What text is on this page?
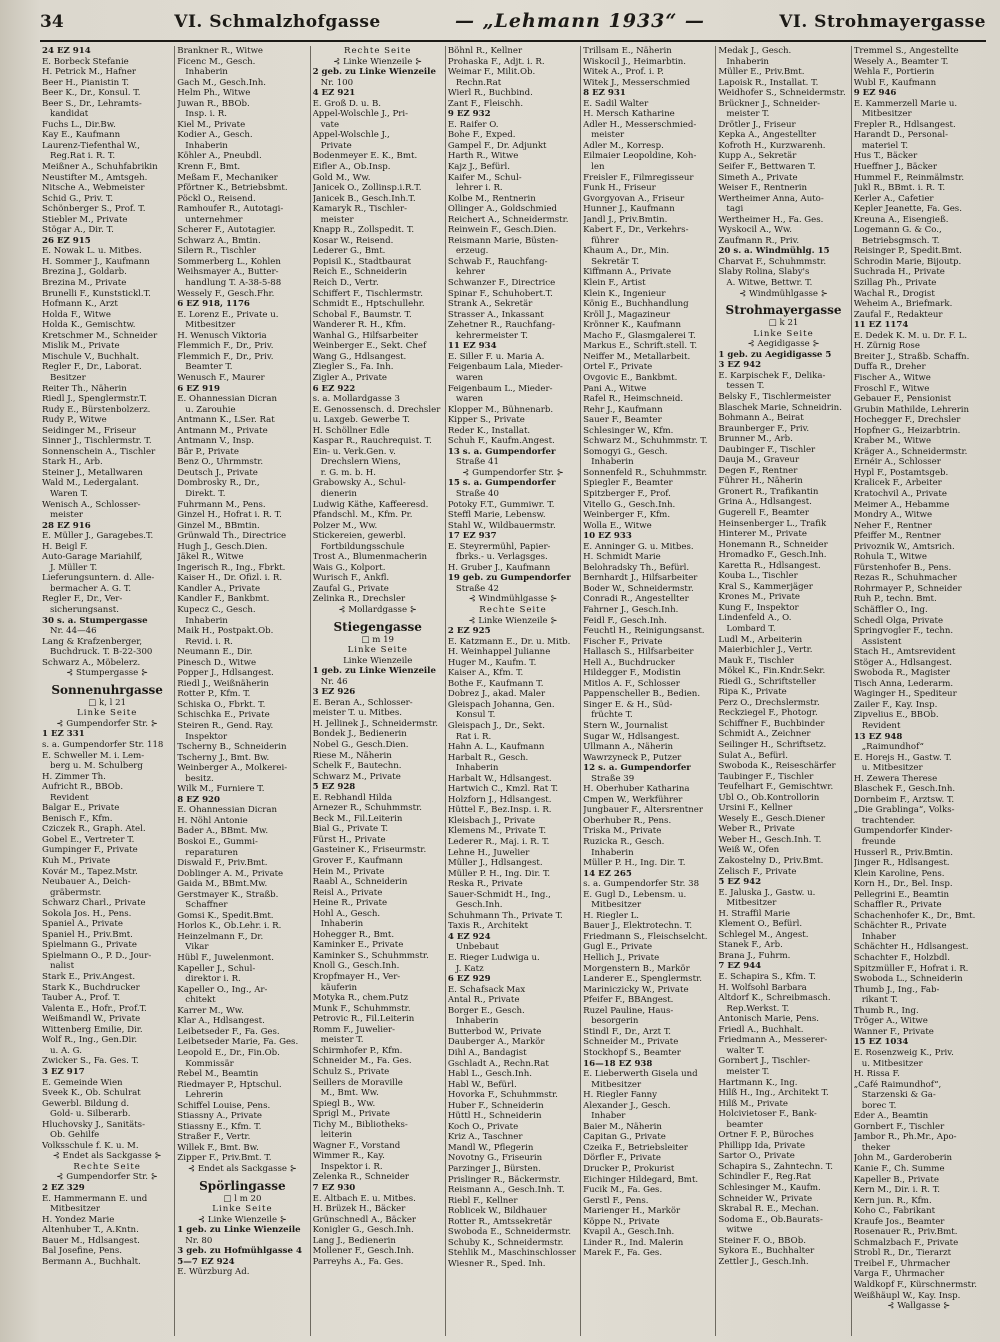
34	VI. Schmalzhofgasse	— „Lehmann 1933“ —	VI. Strohmayergasse
24 EZ 914
E. Borbeck Stefanie
H. Petrick M., Hafner
Beer H., Pianistin T.
Beer K., Dr., Konsul. T.
Beer S., Dr., Lehramts-
kandidat
Fuchs L., Dir.Bw.
Kay E., Kaufmann
Laurenz-Tiefenthal W.,
Reg.Rat i. R. T.
Meißner A., Schuhfabrikin
Neustifter M., Amtsgeh.
Nitsche A., Webmeister
Schid G., Priv. T.
Schönberger S., Prof. T.
Stiebler M., Private
Stögar A., Dir. T.
26 EZ 915
E. Nowak L. u. Mitbes.
H. Sommer J., Kaufmann
Brezina J., Goldarb.
Brezina M., Private
Brunelli F., Kunststickl.T.
Hofmann K., Arzt
Holda F., Witwe
Holda K., Gemischtw.
Kretschmer M., Schneider
Mislik M., Private
Mischule V., Buchhalt.
Regler F., Dr., Laborat.
Besitzer
Reiter Th., Näherin
Riedl J., Spenglermstr.T.
Rudy E., Bürstenbolzerz.
Rudy P., Witwe
Seidinger M., Friseur
Sinner J., Tischlermstr. T.
Sonnenschein A., Tischler
Stark H., Arb.
Steiner J., Metallwaren
Wald M., Ledergalant.
Waren T.
Wenisch A., Schlosser-
meister
28 EZ 916
E. Müller J., Garagebes.T.
H. Beigl F.
Auto-Garage Mariahilf,
J. Müller T.
Lieferungsuntern. d. Alle-
bermacher A. G. T.
Regler F., Dr., Ver-
sicherungsanst.
30 s. a. Stumpergasse
Nr. 44—46
Lang & Krafzenberger,
Buchdruck. T. B-22-300
Schwarz A., Möbelerz.
⊰ Stumpergasse ⊱
Sonnenuhrgasse
□ k, l 21
Linke Seite
⊰ Gumpendorfer Str. ⊱
1 EZ 331
s. a. Gumpendorfer Str. 118
E. Schweller M. i. Lem-
berg u. M. Schulberg
H. Zimmer Th.
Aufricht R., BBOb.
Revident
Balgar E., Private
Benisch F., Kfm.
Cziczek R., Graph. Atel.
Gobel E., Vertreter T.
Gumpinger F., Private
Kuh M., Private
Kovár M., Tapez.Mstr.
Neubauer A., Deich-
gräbermstr.
Schwarz Charl., Private
Sokola Jos. H., Pens.
Spaniel A., Private
Spaniel H., Priv.Bmt.
Spielmann G., Private
Spielmann O., P. D., Jour-
nalist
Stark E., Priv.Angest.
Stark K., Buchdrucker
Tauber A., Prof. T.
Valenta E., Hofr., Prof.T.
Weißmandl W., Private
Wittenberg Emilie, Dir.
Wolf R., Ing., Gen.Dir.
u. A. G.
Zwicker S., Fa. Ges. T.
3 EZ 917
E. Gemeinde Wien
Sveek K., Ob. Schulrat
Gewerbl. Bildung d.
Gold- u. Silberarb.
Hluchovsky J., Sanitäts-
Ob. Gehilfe
Volksschule f. K. u. M.
⊰ Endet als Sackgasse ⊱
Rechte Seite
⊰ Gumpendorfer Str. ⊱
2 EZ 329
E. Hammermann E. und
Mitbesitzer
H. Yondez Marie
Altenhuber T., A.Kntn.
Bauer M., Hdlsangest.
Bal Josefine, Pens.
Bermann A., Buchhalt.
Brankner R., Witwe
Ficenc M., Gesch.
Inhaberin
Gach M., Gesch.Inh.
Helm Ph., Witwe
Juwan R., BBOb.
Insp. i. R.
Kiel M., Private
Kodier A., Gesch.
Inhaberin
Köhler A., Pneubdl.
Krenn F., Bmt.
Meßam F., Mechaniker
Pförtner K., Betriebsbmt.
Pöckl O., Reisend.
Ramhoufer R., Autotagi-
unternehmer
Scherer F., Autotagier.
Schwarz A., Bmtin.
Silern R., Tischler
Sommerberg L., Kohlen
Weihsmayer A., Butter-
handlung T. A-38-5-88
Wessely F., Gesch.Fhr.
6 EZ 918, 1176
E. Lorenz E., Private u.
Mitbesitzer
H. Wenusch Viktoria
Flemmich F., Dr., Priv.
Flemmich F., Dr., Priv.
Beamter T.
Wenusch F., Maurer
6 EZ 919
E. Ohannessian Dicran
u. Zarouhie
Antmann K., LSer. Rat
Antmann M., Private
Antmann V., Insp.
Bär P., Private
Benz O., Uhrmmstr.
Deutsch J., Private
Dombrosky R., Dr.,
Direkt. T.
Fuhrmann M., Pens.
Ginzel H., Hofrat i. R. T.
Ginzel M., BBmtin.
Grünwald Th., Directrice
Hugh J., Gesch.Dien.
Jäkel R., Witwe
Ingerisch R., Ing., Fbrkt.
Kaiser H., Dr. Ofizl. i. R.
Kandler A., Private
Kandler F., Bankbmt.
Kupecz C., Gesch.
Inhaberin
Maik H., Postpakt.Ob.
Revid. i. R.
Neumann E., Dir.
Pinesch D., Witwe
Popper J., Hdlsangest.
Riedl J., Weißnäherin
Rotter P., Kfm. T.
Schiska O., Fbrkt. T.
Schischka E., Private
Steiren R., Gend. Ray.
Inspektor
Tscherny B., Schneiderin
Tscherny J., Bmt. Bw.
Weinberger A., Molkerei-
besitz.
Wilk M., Furniere T.
8 EZ 920
E. Ohannessian Dicran
H. Nöhl Antonie
Bader A., BBmt. Mw.
Boskoi E., Gummi-
reparaturen
Diswald F., Priv.Bmt.
Doblinger A. M., Private
Gaida M., BBmt.Mw.
Gerstmayer K., Straßb.
Schaffner
Gomsi K., Spedit.Bmt.
Horlos K., Ob.Lehr. i. R.
Heinzelmann F., Dr.
Vikar
Hübl F., Juwelenmont.
Kapeller J., Schul-
direktor i. R.
Kapeller O., Ing., Ar-
chitekt
Karrer M., Ww.
Klar A., Hdlsangest.
Leibetseder F., Fa. Ges.
Leibetseder Marie, Fa. Ges.
Leopold E., Dr., Fin.Ob.
Kommissär
Rebel M., Beamtin
Riedmayer P., Hptschul.
Lehrerin
Schiffel Louise, Pens.
Stiassny A., Private
Stiassny E., Kfm. T.
Straßer F., Vertr.
Willek F., Bmt. Bw.
Zipper F., Priv.Bmt. T.
⊰ Endet als Sackgasse ⊱
Spörlingasse
□ l m 20
Linke Seite
⊰ Linke Wienzeile ⊱
1 geb. zu Linke Wienzeile
Nr. 80
3 geb. zu Hofmühlgasse 4
5—7 EZ 924
E. Würzburg Ad.
Rechte Seite
⊰ Linke Wienzeile ⊱
2 geb. zu Linke Wienzeile
Nr. 100
4 EZ 921
E. Groß D. u. B.
Appel-Wolschle J., Pri-
vate
Appel-Wolschle J.,
Private
Bodenmeyer E. K., Bmt.
Eifler A., Ob.Insp.
Gold M., Ww.
Janicek O., Zollinsp.i.R.T.
Janicek B., Gesch.Inh.T.
Kamaryk R., Tischler-
meister
Knapp R., Zollspedit. T.
Kosar W., Reisend.
Lederer G., Bmt.
Popisil K., Stadtbaurat
Reich E., Schneiderin
Reich D., Vertr.
Schiffert F., Tischlermstr.
Schmidt E., Hptschullehr.
Schobal F., Baumstr. T.
Wanderer R. H., Kfm.
Wanhal G., Hilfsarbeiter
Weinberger E., Sekt. Chef
Wang G., Hdlsangest.
Ziegler S., Fa. Inh.
Zigler A., Private
6 EZ 922
s. a. Mollardgasse 3
E. Genossensch. d. Drechsler
u. Laxgeb. Gewerbe T.
H. Schöllner Edle
Kaspar R., Rauchrequist. T.
Ein- u. Verk.Gen. v.
Drechslern Wiens,
r. G. m. b. H.
Grabowsky A., Schul-
dienerin
Ludwig Käthe, Kaffeeresd.
Pfandschl. M., Kfm. Pr.
Polzer M., Ww.
Stickereien, gewerbl.
Fortbildungsschule
Trost A., Blumenmacherin
Wais G., Kolport.
Wurisch F., Ankfl.
Zaufal G., Private
Zelinka R., Drechsler
⊰ Mollardgasse ⊱
Stiegengasse
□ m 19
Linke Seite
Linke Wienzeile
1 geb. zu Linke Wienzeile
Nr. 46
3 EZ 926
E. Beran A., Schlosser-
meister T. u. Mitbes.
H. Jellinek J., Schneidermstr.
Bondek J., Bedienerin
Nobel G., Gesch.Dien.
Riese M., Näherin
Schelk F., Bautechn.
Schwarz M., Private
5 EZ 928
E. Rebhandl Hilda
Arnezer R., Schuhmmstr.
Beck M., Fil.Leiterin
Bial G., Private T.
Fürst H., Private
Gasteiner K., Friseurmstr.
Grover F., Kaufmann
Hein M., Private
Raabl A., Schneiderin
Reisl A., Private
Heine R., Private
Hohl A., Gesch.
Inhaberin
Hohegger R., Bmt.
Kaminker E., Private
Kaminker S., Schuhmmstr.
Knoll G., Gesch.Inh.
Kropfmayer H., Ver-
käuferin
Motyka R., chem.Putz
Munk F., Schuhmmstr.
Petrovic R., Fil.Leiterin
Romm F., Juwelier-
meister T.
Schirmhofer P., Kfm.
Schneider M., Fa. Ges.
Schulz S., Private
Seillers de Moraville
M., Bmt. Ww.
Spiegl B., Ww.
Sprigl M., Private
Tichy M., Bibliotheks-
leiterin
Wagner F., Vorstand
Wimmer R., Kay.
Inspektor i. R.
Zelenka R., Schneider
7 EZ 930
E. Altbach E. u. Mitbes.
H. Brüzek H., Bäcker
Grünschnedl A., Bäcker
Konigler G., Gesch.Inh.
Lang J., Bedienerin
Mollener F., Gesch.Inh.
Parreyhs A., Fa. Ges.
Böhnl R., Kellner
Prohaska F., Adjt. i. R.
Weimar F., Milit.Ob.
Rechn.Rat
Wierl R., Buchbind.
Zant F., Fleischh.
9 EZ 932
E. Raifer O.
Bohe F., Exped.
Gampel F., Dr. Adjunkt
Harth R., Witwe
Kajz J., Befürl.
Kaifer M., Schul-
lehrer i. R.
Kolbe M., Rentnerin
Ollinger A., Goldschmied
Reichert A., Schneidermstr.
Reinwein F., Gesch.Dien.
Reismann Marie, Büsten-
erzeug.
Schwab F., Rauchfang-
kehrer
Schwanzer F., Directrice
Spinar F., Schuhobert.T.
Strank A., Sekretär
Strasser A., Inkassant
Zehetner R., Rauchfang-
kehrermeister T.
11 EZ 934
E. Siller F. u. Maria A.
Feigenbaum Lala, Mieder-
waren
Feigenbaum L., Mieder-
waren
Klopper M., Bühnenarb.
Kipper S., Private
Reder K., Installat.
Schuh F., Kaufm.Angest.
13 s. a. Gumpendorfer
Straße 41
⊰ Gumpendorfer Str. ⊱
15 s. a. Gumpendorfer
Straße 40
Potoky F.T., Gummiwr. T.
Steffl Marie, Lebensw.
Stahl W., Wildbauermstr.
17 EZ 937
E. Steyrermühl, Papier-
fbrks.- u. Verlagsges.
H. Gruber J., Kaufmann
19 geb. zu Gumpendorfer
Straße 42
⊰ Windmühlgasse ⊱
Rechte Seite
⊰ Linke Wienzeile ⊱
2 EZ 925
E. Katzmann E., Dr. u. Mitb.
H. Weinhappel Julianne
Huger M., Kaufm. T.
Kaiser A., Kfm. T.
Bothe F., Kaufmann T.
Dobrez J., akad. Maler
Gleispach Johanna, Gen.
Konsul T.
Gleispach J., Dr., Sekt.
Rat i. R.
Hahn A. L., Kaufmann
Harbalt R., Gesch.
Inhaberin
Harbalt W., Hdlsangest.
Hartwich C., Kmzl. Rat T.
Holzforn J., Hdlsangest.
Hüttel F., Bez.Insp. i. R.
Kleisbach J., Private
Klemens M., Private T.
Lederer R., Maj. i. R. T.
Lehne H., Juwelier
Müller J., Hdlsangest.
Müller P. H., Ing. Dir. T.
Reska R., Private
Sauer-Schmidt H., Ing.,
Gesch.Inh.
Schuhmann Th., Private T.
Taxis R., Architekt
4 EZ 924
Unbebaut
E. Rieger Ludwiga u.
J. Katz
6 EZ 929
E. Schafsack Max
Antal R., Private
Borger E., Gesch.
Inhaberin
Butterbod W., Private
Dauberger A., Markör
Dihl A., Bandagist
Gschladt A., Rechn.Rat
Habl L., Gesch.Inh.
Habl W., Befürl.
Hovorka F., Schuhmmstr.
Huber F., Schneiderin
Hüttl H., Schneiderin
Koch O., Private
Kriz A., Taschner
Mandl W., Pflegerin
Novotny G., Friseurin
Parzinger J., Bürsten.
Prislinger R., Bäckermstr.
Reismann A., Gesch.Inh. T.
Riebl F., Kellner
Roblicek W., Bildhauer
Rotter R., Amtssekretär
Swoboda E., Schneidermstr.
Schuby K., Schneidermstr.
Stehlik M., Maschinschlosser
Wiesner R., Sped. Inh.
Trillsam E., Näherin
Wiskocil J., Heimarbtin.
Witek A., Prof. i. P.
Witek J., Messerschmied
8 EZ 931
E. Sadil Walter
H. Mersch Katharine
Adler H., Messerschmied-
meister
Adler M., Korresp.
Eilmaier Leopoldine, Koh-
len
Freisler F., Filmregisseur
Funk H., Friseur
Gvorgyovan A., Friseur
Hunner J., Kaufmann
Jandl J., Priv.Bmtin.
Kabert F., Dr., Verkehrs-
führer
Khaum A., Dr., Min.
Sekretär T.
Kiffmann A., Private
Klein F., Artist
Klein K., Ingenieur
König E., Buchhandlung
Kröll J., Magazineur
Krönner K., Kaufmann
Macho F., Glasmgalerei T.
Markus E., Schrift.stell. T.
Neiffer M., Metallarbeit.
Ortel F., Private
Ovgovic E., Bankbmt.
Pani A., Witwe
Rafel R., Heimschneid.
Rehr J., Kaufmann
Sauer F., Beamter
Schlesinger W., Kfm.
Schwarz M., Schuhmmstr. T.
Somogyi G., Gesch.
Inhaberin
Sonnenfeld R., Schuhmmstr.
Spiegler F., Beamter
Spitzberger F., Prof.
Vitello G., Gesch.Inh.
Weinberger F., Kfm.
Wolla E., Witwe
10 EZ 933
E. Anninger G. u. Mitbes.
H. Schmidt Marie
Belohradsky Th., Befürl.
Bernhardt J., Hilfsarbeiter
Boder W., Schneidermstr.
Conradi R., Angestellter
Fahrner J., Gesch.Inh.
Feidl F., Gesch.Inh.
Feuchtl H., Reinigungsanst.
Fischer F., Private
Hallasch S., Hilfsarbeiter
Hell A., Buchdrucker
Hildegger F., Modistin
Mitlos A. F., Schlosser
Pappenscheller B., Bedien.
Singer E. & H., Süd-
früchte T.
Stern W., Journalist
Sugar W., Hdlsangest.
Ullmann A., Näherin
Wawrzyneck P., Putzer
12 s. a. Gumpendorfer
Straße 39
H. Oberhuber Katharina
Cmpen W., Werkführer
Jungbauer F., Altersrentner
Oberhuber R., Pens.
Triska M., Private
Ruzicka R., Gesch.
Inhaberin
Müller P. H., Ing. Dir. T.
14 EZ 265
s. a. Gumpendorfer Str. 38
E. Gugl D., Lebensm. u.
Mitbesitzer
H. Riegler L.
Bauer J., Elektrotechn. T.
Friedmann S., Fleischselcht.
Gugl E., Private
Hellich J., Private
Morgenstern B., Markör
Landerer E., Spenglermstr.
Mariniczicky W., Private
Pfeifer F., BBAngest.
Ruzel Pauline, Haus-
besorgerin
Stindl F., Dr., Arzt T.
Schneider M., Private
Stockhopf S., Beamter
16—18 EZ 938
E. Lieberwerth Gisela und
Mitbesitzer
H. Riegler Fanny
Alexander J., Gesch.
Inhaber
Baier M., Näherin
Capitan G., Private
Czeika F., Betriebsleiter
Dörfler F., Private
Drucker P., Prokurist
Eichinger Hildegard, Bmt.
Fucik M., Fa. Ges.
Gerstl F., Pens.
Marienger H., Markör
Köppe N., Private
Kvapil A., Gesch.Inh.
Linder R., Ind. Malerin
Marek F., Fa. Ges.
Medak J., Gesch.
Inhaberin
Müller E., Priv.Bmt.
Lapoisk R., Installat. T.
Weidhofer S., Schneidermstr.
Brückner J., Schneider-
meister T.
Drötler J., Friseur
Kepka A., Angestellter
Kofroth H., Kurzwarenh.
Kupp A., Sekretär
Seifer F., Bettwaren T.
Simeth A., Private
Weiser F., Rentnerin
Wertheimer Anna, Auto-
tagi
Wertheimer H., Fa. Ges.
Wyskocil A., Ww.
Zaufmann R., Priv.
20 s. a. Windmühlg. 15
Charvat F., Schuhmmstr.
Slaby Rolina, Slaby's
A. Witwe, Bettwr. T.
⊰ Windmühlgasse ⊱
Strohmayergasse
□ k 21
Linke Seite
⊰ Aegidigasse ⊱
1 geb. zu Aegidigasse 5
3 EZ 942
E. Karpischek F., Delika-
tessen T.
Belsky F., Tischlermeister
Blaschek Marie, Schneidrin.
Bohmann A., Beirat
Braunberger F., Priv.
Brunner M., Arb.
Daubinger F., Tischler
Dauja M., Graveur
Degen F., Rentner
Führer H., Näherin
Gronert R., Trafikantin
Grina A., Hdlsangest.
Gugerell F., Beamter
Heinsenberger L., Trafik
Hinterer M., Private
Honemann R., Schneider
Hromadko F., Gesch.Inh.
Karetta R., Hdlsangest.
Kouba L., Tischler
Kral S., Kammerjäger
Krones M., Private
Kung F., Inspektor
Lindenfeld A., O.
Lombard T.
Ludl M., Arbeiterin
Maierbichler J., Vertr.
Mauk F., Tischler
Mökel K., Fin.Kndr.Sekr.
Riedl G., Schriftsteller
Ripa K., Private
Perz O., Drechslermstr.
Reckziegel F., Photogr.
Schiffner F., Buchbinder
Schmidt A., Zeichner
Seilinger H., Schriftsetz.
Sulat A., Befürl.
Swoboda K., Reiseschärfer
Taubinger F., Tischler
Teufelhart F., Gemischtwr.
Ubl O., Ob.Kontrollorin
Ursini F., Kellner
Wesely E., Gesch.Diener
Weber R., Private
Weber H., Gesch.Inh. T.
Weiß W., Ofen
Zakostelny D., Priv.Bmt.
Zelisch F., Private
5 EZ 942
E. Jaluska J., Gastw. u.
Mitbesitzer
H. Straffil Marie
Klement O., Befürl.
Schlegel M., Angest.
Stanek F., Arb.
Brana J., Fuhrm.
7 EZ 944
E. Schapira S., Kfm. T.
H. Wolfsohl Barbara
Altdorf K., Schreibmasch.
Rep.Werkst. T.
Antonisch Marie, Pens.
Friedl A., Buchhalt.
Friedmann A., Messerer-
walter T.
Gornbert J., Tischler-
meister T.
Hartmann K., Ing.
Hilß H., Ing., Architekt T.
Hilß M., Private
Holcivietoser F., Bank-
beamter
Ortner F. P., Büroches
Phillipp Ida, Private
Sartor O., Private
Schapira S., Zahntechn. T.
Schindler F., Reg.Rat
Schlesinger M., Kaufm.
Schneider W., Private
Skrabal R. E., Mechan.
Sodoma E., Ob.Baurats-
witwe
Steiner F. O., BBOb.
Sykora E., Buchhalter
Zettler J., Gesch.Inh.
Tremmel S., Angestellte
Wesely A., Beamter T.
Wehla F., Portierin
Wubl F., Kaufmann
9 EZ 946
E. Kammerzell Marie u.
Mitbesitzer
Frepler R., Hdlsangest.
Harandt D., Personal-
materiel T.
Hus T., Bäcker
Hueffner J., Bäcker
Hummel F., Reinmälmstr.
Jukl R., BBmt. i. R. T.
Kerler A., Cafetier
Kepler Jeanette, Fa. Ges.
Kreuna A., Eisengieß.
Logemann G. & Co.,
Betriebsgmsch. T.
Reisinger P., Spedit.Bmt.
Schrodin Marie, Bijoutp.
Suchrada H., Private
Szillag Ph., Private
Wachal R., Drogist
Weheim A., Briefmark.
Zaufal F., Redakteur
11 EZ 1174
E. Dedek K. M. u. Dr. F. L.
H. Zürnig Rose
Breiter J., Straßb. Schaffn.
Duffa R., Dreher
Fischer A., Witwe
Froschl F., Witwe
Gebauer F., Pensionist
Grubin Mathilde, Lehrerin
Hochegger F., Drechsler
Hopfner G., Heizarbtrin.
Kraber M., Witwe
Kräger A., Schneidermstr.
Ernéir A., Schlosser
Hypl F., Postamtsgeb.
Kralicek F., Arbeiter
Kratochvil A., Private
Meimer A., Hebamme
Mondry A., Witwe
Neher F., Rentner
Pfeiffer M., Rentner
Privoznik W., Amtsrich.
Rohula T., Witwe
Fürstenhofer B., Pens.
Rezas R., Schuhmacher
Rohrmayer P., Schneider
Ruh P., techn. Bmt.
Schäffler O., Ing.
Schedl Olga, Private
Springvogler F., techn.
Assistent
Stach H., Amtsrevident
Stöger A., Hdlsangest.
Swoboda R., Magister
Tisch Anna, Lederarm.
Waginger H., Spediteur
Zailer F., Kay. Insp.
Zipvelius E., BBOb.
Revident
13 EZ 948
„Raimundhof“
E. Horejs H., Gastw. T.
u. Mitbesitzer
H. Zewera Therese
Blaschek F., Gesch.Inh.
Dornbeim F., Arztsw. T.
„Die Grablinga“, Volks-
trachtender.
Gumpendorfer Kinder-
freunde
Husserl R., Priv.Bmtin.
Jinger R., Hdlsangest.
Klein Karoline, Pens.
Korn H., Dr., Bel. Insp.
Pellegrini E., Beamtin
Schaffler R., Private
Schachenhofer K., Dr., Bmt.
Schächter R., Private
Inhaber
Schächter H., Hdlsangest.
Schachter F., Holzbdl.
Spitzmüller F., Hofrat i. R.
Swoboda L., Schneiderin
Thumb J., Ing., Fab-
rikant T.
Thumb R., Ing.
Tröger A., Witwe
Wanner F., Private
15 EZ 1034
E. Rosenzweig K., Priv.
u. Mitbesitzer
H. Rissa F.
„Café Raimundhof“,
Starzenski & Ga-
borec T.
Eder A., Beamtin
Gornbert F., Tischler
Jambor R., Ph.Mr., Apo-
theker
John M., Garderoberin
Kanie F., Ch. Summe
Kapeller B., Private
Kern M., Dir. i. R. T.
Kern jun. R., Kfm.
Koho C., Fabrikant
Kraufe Jos., Beamter
Rosenauer R., Priv.Bmt.
Schmalzbach F., Private
Strobl R., Dr., Tierarzt
Treibel F., Uhrmacher
Varga F., Uhrmacher
Waldkopf F., Kürschnermstr.
Weißhäupl W., Kay. Insp.
⊰ Wallgasse ⊱
